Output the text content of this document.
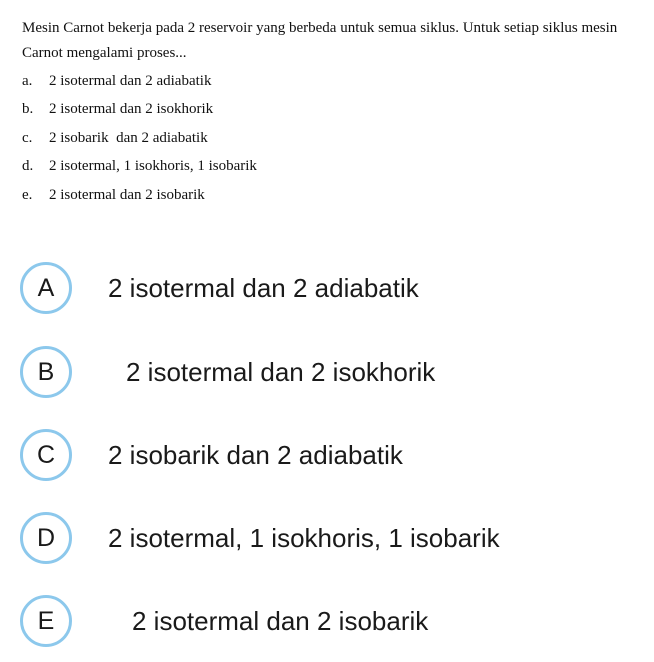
Mesin Carnot bekerja pada 2 reservoir yang berbeda untuk semua siklus. Untuk setiap siklus mesin Carnot mengalami proses...

a.	2 isotermal dan 2 adiabatik
b.	2 isotermal dan 2 isokhorik
c.	2 isobarik  dan 2 adiabatik
d.	2 isotermal, 1 isokhoris, 1 isobarik
e.	2 isotermal dan 2 isobarik
A	2 isotermal dan 2 adiabatik
B	2 isotermal dan 2 isokhorik
C	2 isobarik dan 2 adiabatik
D	2 isotermal, 1 isokhoris, 1 isobarik
E	2 isotermal dan 2 isobarik
